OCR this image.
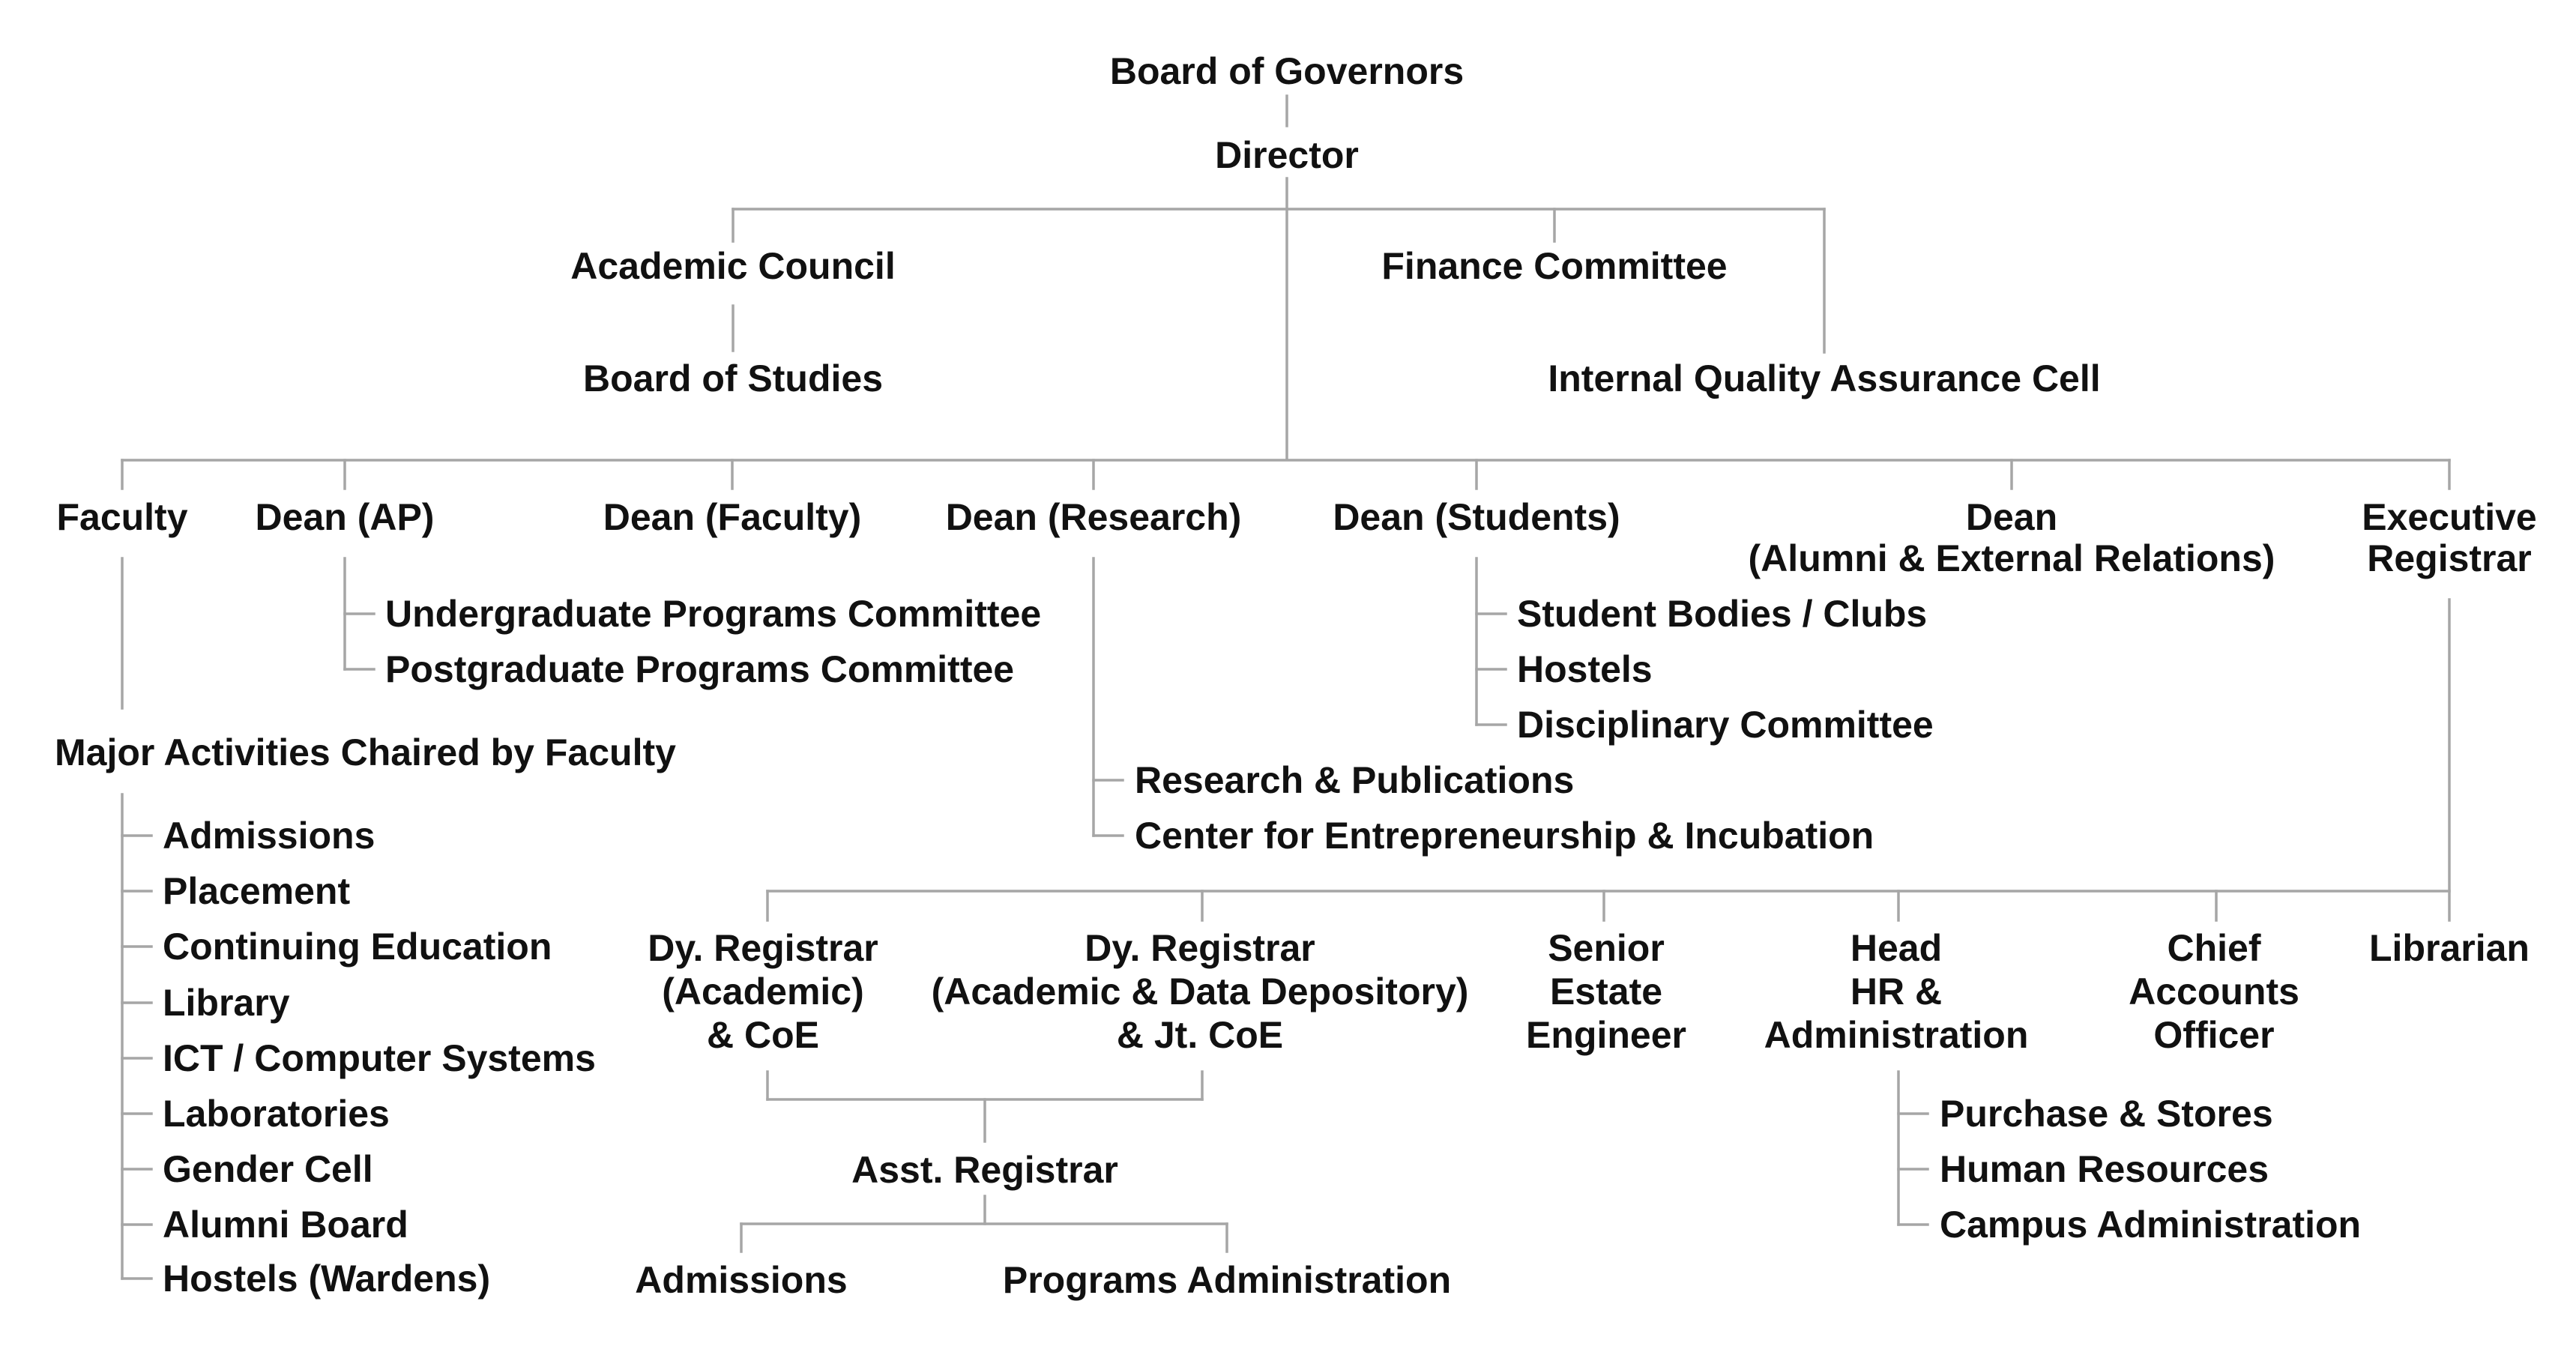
Board of Governors
Director
Academic Council	Finance Committee
Board of Studies	Internal Quality Assurance Cell
Faculty Dean (AP)	Dean (Faculty) Dean (Research) Dean (Students)	Dean
(Alumni & External Relations)
Executive
Registrar
Undergraduate Programs Committee
Postgraduate Programs Committee
Major Activities Chaired by Faculty
Admissions
Placement
Continuing Education
Library
ICT / Computer Systems
Laboratories
Gender Cell
Alumni Board
Hostels (Wardens)
Student Bodies / Clubs
Hostels
Disciplinary Committee
Research & Publications
Center for Entrepreneurship & Incubation
Dy. Registrar
(Academic)
& CoE
Dy. Registrar
(Academic & Data Depository)
& Jt. CoE
Senior
Estate
Engineer
Head
HR &
Administration
Chief
Accounts
Officer
Librarian
Purchase & Stores
Human Resources
Campus Administration
Asst. Registrar
Admissions	Programs Administration
